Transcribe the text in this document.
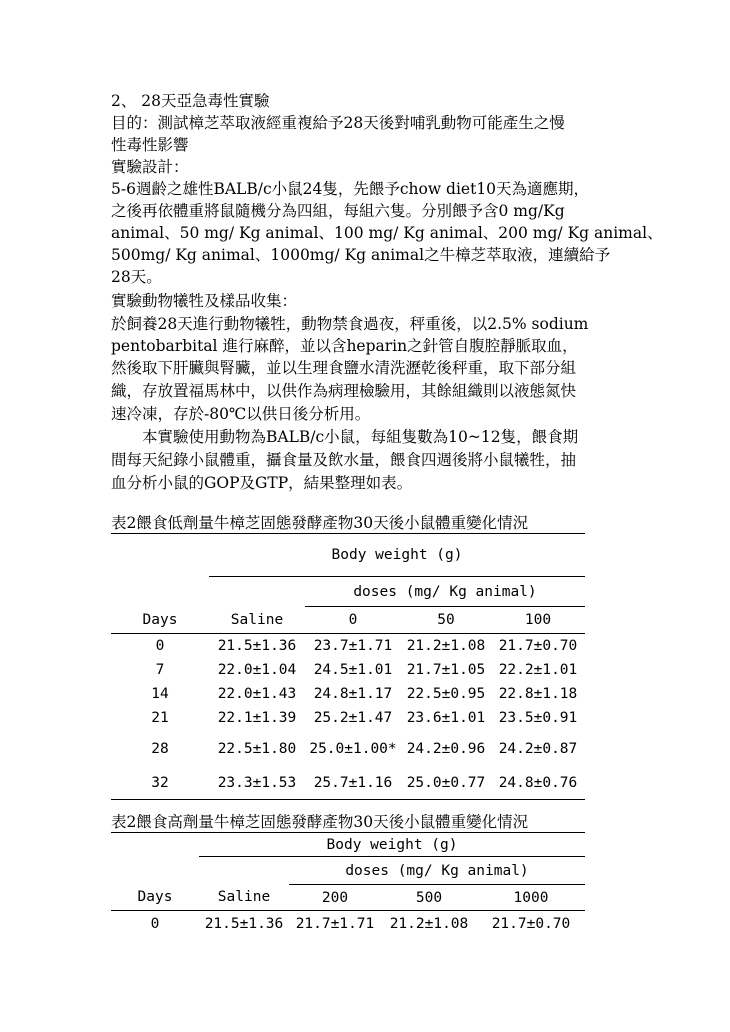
2、 28天亞急毒性實驗
目的：測試樟芝萃取液經重複給予28天後對哺乳動物可能產生之慢
性毒性影響
實驗設計：
5-6週齡之雄性BALB/c小鼠24隻，先餵予chow diet10天為適應期，
之後再依體重將鼠隨機分為四組，每組六隻。分別餵予含0 mg/Kg
animal、50 mg/ Kg animal、100 mg/ Kg animal、200 mg/ Kg animal、
500mg/ Kg animal、1000mg/ Kg animal之牛樟芝萃取液，連續給予
28天。
實驗動物犧牲及樣品收集：
於飼養28天進行動物犧牲，動物禁食過夜，秤重後，以2.5% sodium
pentobarbital 進行麻醉，並以含heparin之針管自腹腔靜脈取血，
然後取下肝臟與腎臟，並以生理食鹽水清洗瀝乾後秤重，取下部分組
織，存放置福馬林中，以供作為病理檢驗用，其餘組織則以液態氮快
速冷凍，存於-80℃以供日後分析用。
　　本實驗使用動物為BALB/c小鼠，每組隻數為10~12隻，餵食期
間每天紀錄小鼠體重，攝食量及飲水量，餵食四週後將小鼠犧牲，抽
血分析小鼠的GOP及GTP，結果整理如表。
表2餵食低劑量牛樟芝固態發酵產物30天後小鼠體重變化情況
	Body weight (g)			
		doses (mg/ Kg animal)		
Days	Saline	0	50	100
0	21.5±1.36	23.7±1.71	21.2±1.08	21.7±0.70
7	22.0±1.04	24.5±1.01	21.7±1.05	22.2±1.01
14	22.0±1.43	24.8±1.17	22.5±0.95	22.8±1.18
21	22.1±1.39	25.2±1.47	23.6±1.01	23.5±0.91
28	22.5±1.80	25.0±1.00*	24.2±0.96	24.2±0.87
32	23.3±1.53	25.7±1.16	25.0±0.77	24.8±0.76
表2餵食高劑量牛樟芝固態發酵產物30天後小鼠體重變化情況
	Body weight (g)			
		doses (mg/ Kg animal)		
Days	Saline	200	500	1000
0	21.5±1.36	21.7±1.71	21.2±1.08	21.7±0.70
